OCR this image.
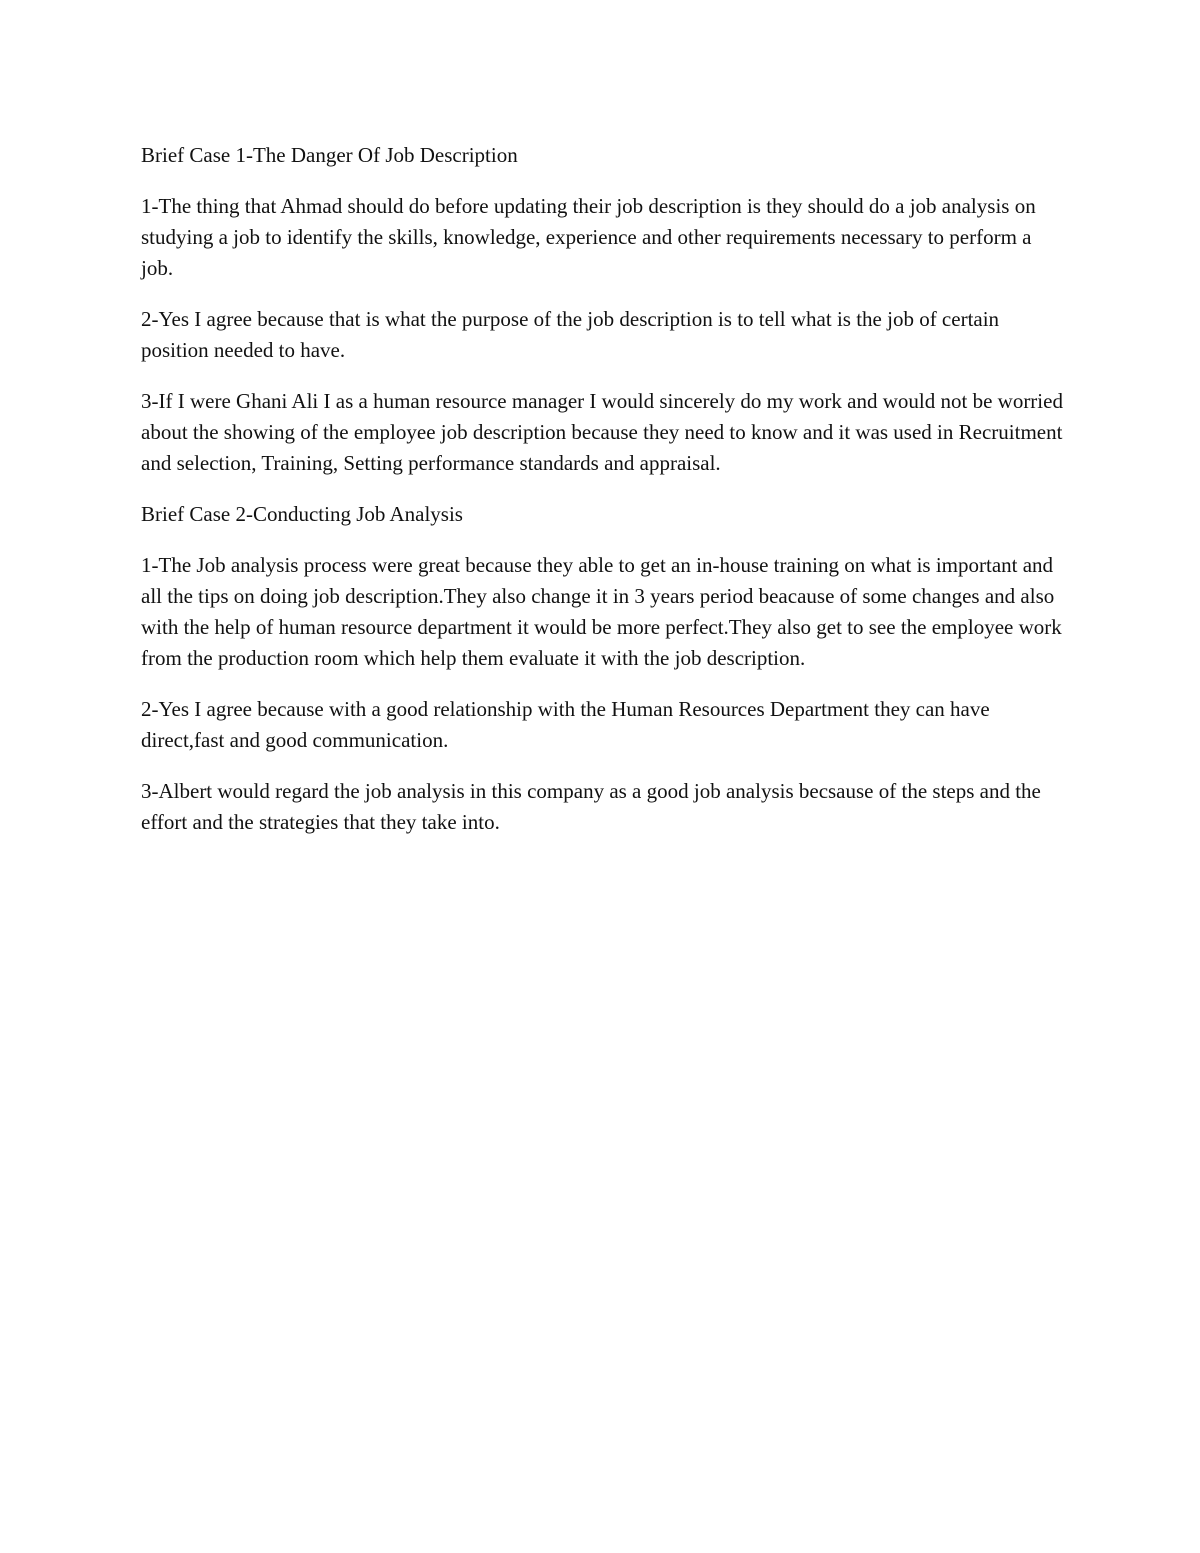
Brief Case 1-The Danger Of Job Description

1-The thing that Ahmad should do before updating their job description is they should do a job analysis on studying a job to identify the skills, knowledge, experience and other requirements necessary to perform a job.

2-Yes I agree because that is what the purpose of the job description is to tell what is the job of certain position needed to have.

3-If I were Ghani Ali I as a human resource manager I would sincerely do my work and would not be worried about the showing of the employee job description because they need to know and it was used in Recruitment and selection, Training, Setting performance standards and appraisal.

Brief Case 2-Conducting Job Analysis

1-The Job analysis process were great because they able to get an in-house training on what is important and all the tips on doing job description.They also change it in 3 years period beacause of some changes and also with the help of human resource department it would be more perfect.They also get to see the employee work from the production room which help them evaluate it with the job description.

2-Yes I agree because with a good relationship with the Human Resources Department they can have direct,fast and good communication.

3-Albert would regard the job analysis in this company as a good job analysis becsause of the steps and the effort and the strategies that they take into.
